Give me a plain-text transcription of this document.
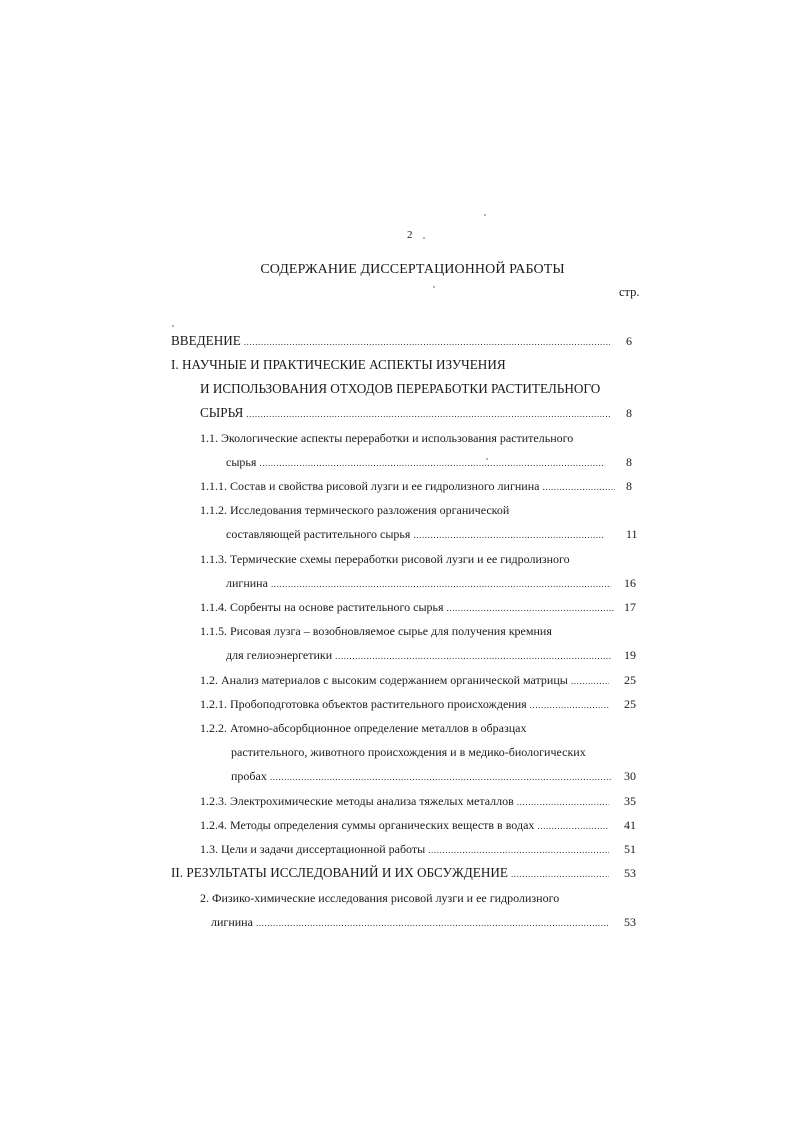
2
СОДЕРЖАНИЕ ДИССЕРТАЦИОННОЙ РАБОТЫ
стр.
ВВЕДЕНИЕ .....	6
I. НАУЧНЫЕ И ПРАКТИЧЕСКИЕ АСПЕКТЫ ИЗУЧЕНИЯ
И ИСПОЛЬЗОВАНИЯ ОТХОДОВ ПЕРЕРАБОТКИ РАСТИТЕЛЬНОГО
СЫРЬЯ .....	8
1.1. Экологические аспекты переработки и использования растительного
сырья .....	8
1.1.1. Состав и свойства рисовой лузги и ее гидролизного лигнина .....	8
1.1.2. Исследования термического разложения органической
составляющей растительного сырья .....	11
1.1.3. Термические схемы переработки рисовой лузги и ее гидролизного
лигнина .....	16
1.1.4. Сорбенты на основе растительного сырья .....	17
1.1.5. Рисовая лузга – возобновляемое сырье для получения кремния
для гелиоэнергетики .....	19
1.2. Анализ материалов с высоким содержанием органической матрицы .....	25
1.2.1. Пробоподготовка объектов растительного происхождения .....	25
1.2.2. Атомно-абсорбционное определение металлов в образцах
растительного, животного происхождения и в медико-биологических
пробах .....	30
1.2.3. Электрохимические методы анализа тяжелых металлов .....	35
1.2.4. Методы определения суммы органических веществ в водах .....	41
1.3. Цели и задачи диссертационной работы .....	51
II. РЕЗУЛЬТАТЫ ИССЛЕДОВАНИЙ И ИХ ОБСУЖДЕНИЕ .....	53
2. Физико-химические исследования рисовой лузги и ее гидролизного
лигнина .....	53
